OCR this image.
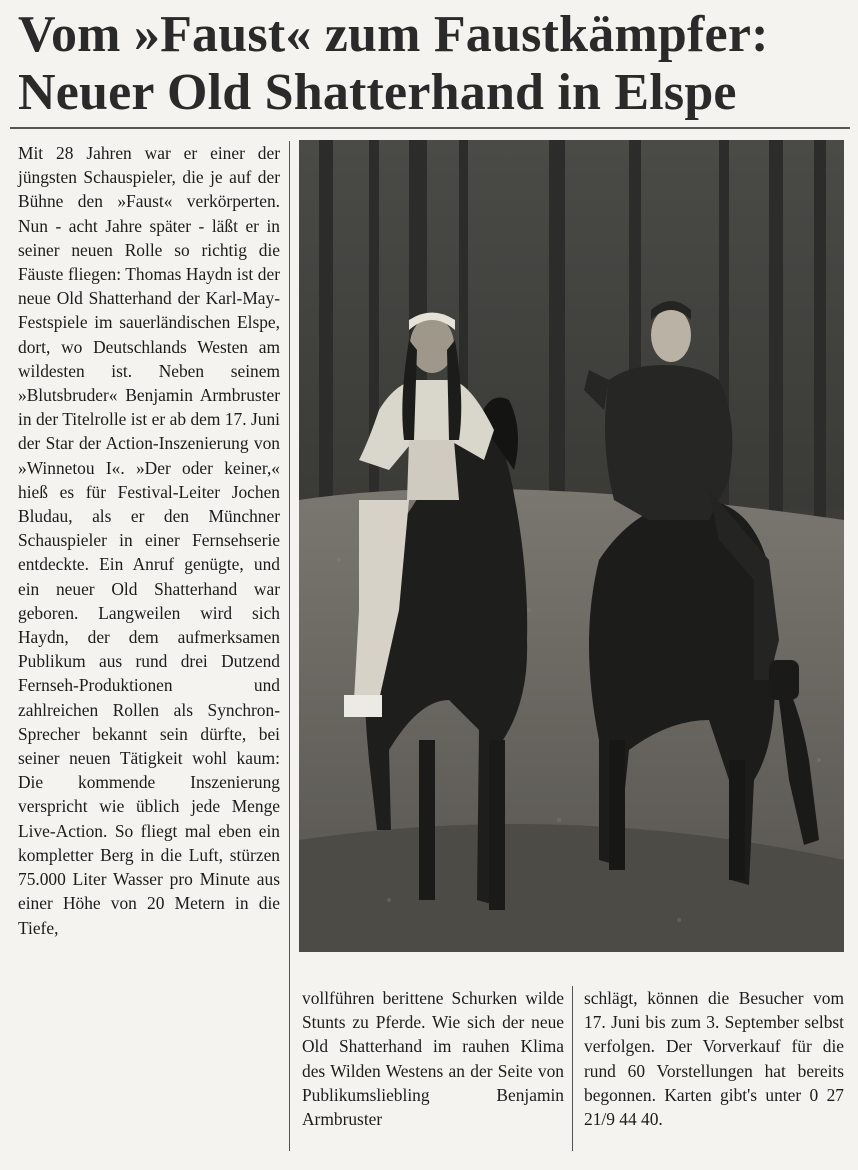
Vom »Faust« zum Faustkämpfer:
Neuer Old Shatterhand in Elspe

Mit 28 Jahren war er einer der jüngsten Schauspieler, die je auf der Bühne den »Faust« verkörperten. Nun - acht Jahre später - läßt er in seiner neuen Rolle so richtig die Fäuste fliegen: Thomas Haydn ist der neue Old Shatterhand der Karl-May-Festspiele im sauerländischen Elspe, dort, wo Deutschlands Westen am wildesten ist. Neben seinem »Blutsbruder« Benjamin Armbruster in der Titelrolle ist er ab dem 17. Juni der Star der Action-Inszenierung von »Winnetou I«. »Der oder keiner,« hieß es für Festival-Leiter Jochen Bludau, als er den Münchner Schauspieler in einer Fernsehserie entdeckte. Ein Anruf genügte, und ein neuer Old Shatterhand war geboren. Langweilen wird sich Haydn, der dem aufmerksamen Publikum aus rund drei Dutzend Fernseh-Produktionen und zahlreichen Rollen als Synchron-Sprecher bekannt sein dürfte, bei seiner neuen Tätigkeit wohl kaum: Die kommende Inszenierung verspricht wie üblich jede Menge Live-Action. So fliegt mal eben ein kompletter Berg in die Luft, stürzen 75.000 Liter Wasser pro Minute aus einer Höhe von 20 Metern in die Tiefe,

vollführen berittene Schurken wilde Stunts zu Pferde. Wie sich der neue Old Shatterhand im rauhen Klima des Wilden Westens an der Seite von Publikumsliebling Benjamin Armbruster

schlägt, können die Besucher vom 17. Juni bis zum 3. September selbst verfolgen. Der Vorverkauf für die rund 60 Vorstellungen hat bereits begonnen. Karten gibt's unter 0 27 21/9 44 40.
